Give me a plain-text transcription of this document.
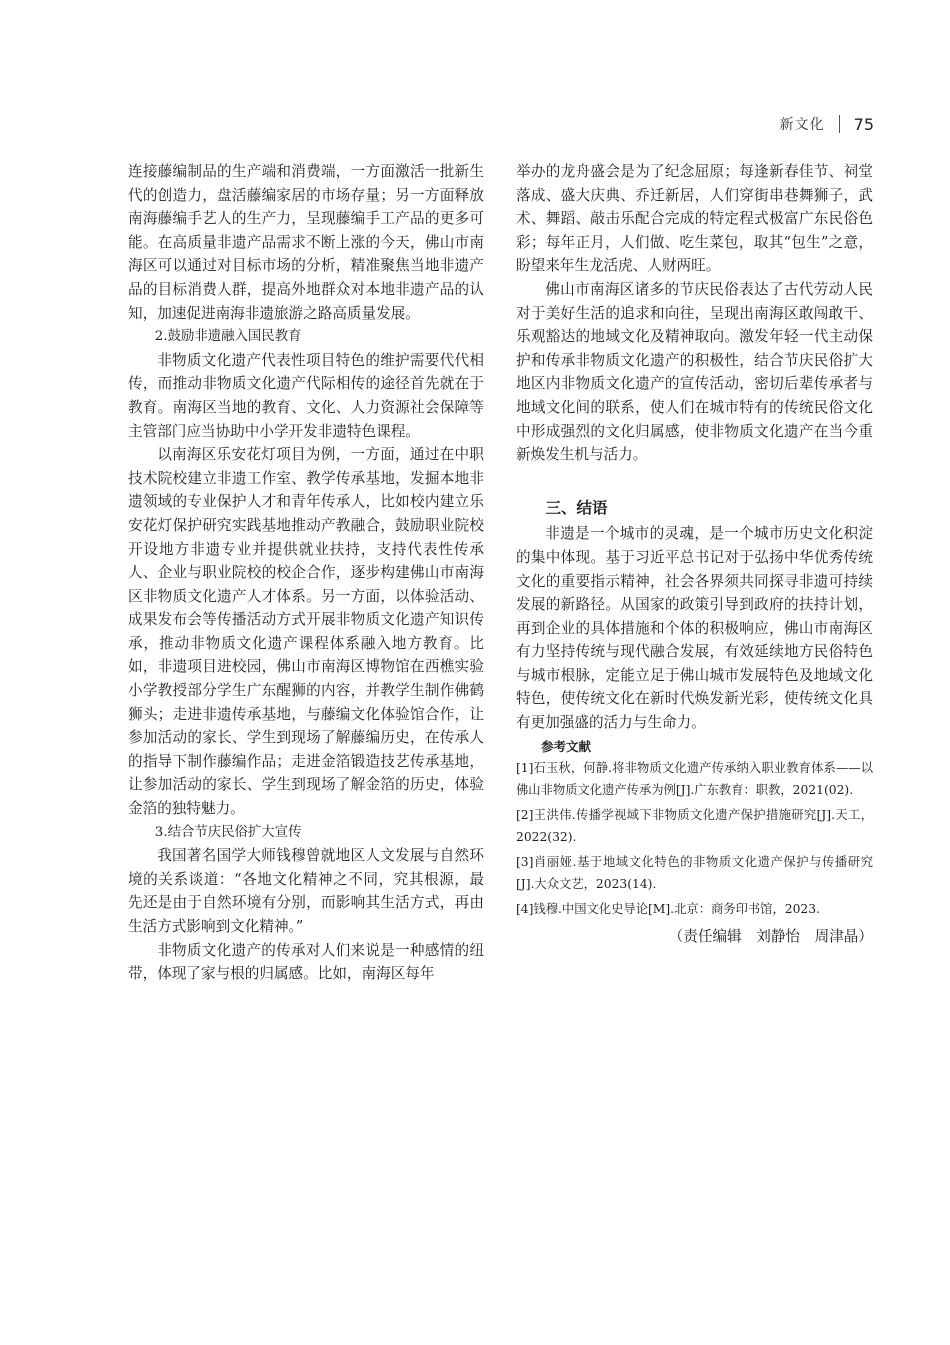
新文化 75

连接藤编制品的生产端和消费端，一方面激活一批新生代的创造力，盘活藤编家居的市场存量；另一方面释放南海藤编手艺人的生产力，呈现藤编手工产品的更多可能。在高质量非遗产品需求不断上涨的今天，佛山市南海区可以通过对目标市场的分析，精准聚焦当地非遗产品的目标消费人群，提高外地群众对本地非遗产品的认知，加速促进南海非遗旅游之路高质量发展。

2.鼓励非遗融入国民教育

非物质文化遗产代表性项目特色的维护需要代代相传，而推动非物质文化遗产代际相传的途径首先就在于教育。南海区当地的教育、文化、人力资源社会保障等主管部门应当协助中小学开发非遗特色课程。

以南海区乐安花灯项目为例，一方面，通过在中职技术院校建立非遗工作室、教学传承基地，发掘本地非遗领域的专业保护人才和青年传承人，比如校内建立乐安花灯保护研究实践基地推动产教融合，鼓励职业院校开设地方非遗专业并提供就业扶持，支持代表性传承人、企业与职业院校的校企合作，逐步构建佛山市南海区非物质文化遗产人才体系。另一方面，以体验活动、成果发布会等传播活动方式开展非物质文化遗产知识传承，推动非物质文化遗产课程体系融入地方教育。比如，非遗项目进校园，佛山市南海区博物馆在西樵实验小学教授部分学生广东醒狮的内容，并教学生制作佛鹤狮头；走进非遗传承基地，与藤编文化体验馆合作，让参加活动的家长、学生到现场了解藤编历史，在传承人的指导下制作藤编作品；走进金箔锻造技艺传承基地，让参加活动的家长、学生到现场了解金箔的历史，体验金箔的独特魅力。

3.结合节庆民俗扩大宣传

我国著名国学大师钱穆曾就地区人文发展与自然环境的关系谈道：“各地文化精神之不同，究其根源，最先还是由于自然环境有分别，而影响其生活方式，再由生活方式影响到文化精神。”

非物质文化遗产的传承对人们来说是一种感情的纽带，体现了家与根的归属感。比如，南海区每年

举办的龙舟盛会是为了纪念屈原；每逢新春佳节、祠堂落成、盛大庆典、乔迁新居，人们穿街串巷舞狮子，武术、舞蹈、敲击乐配合完成的特定程式极富广东民俗色彩；每年正月，人们做、吃生菜包，取其“包生”之意，盼望来年生龙活虎、人财两旺。

佛山市南海区诸多的节庆民俗表达了古代劳动人民对于美好生活的追求和向往，呈现出南海区敢闯敢干、乐观豁达的地域文化及精神取向。激发年轻一代主动保护和传承非物质文化遗产的积极性，结合节庆民俗扩大地区内非物质文化遗产的宣传活动，密切后辈传承者与地域文化间的联系，使人们在城市特有的传统民俗文化中形成强烈的文化归属感，使非物质文化遗产在当今重新焕发生机与活力。

三、结语

非遗是一个城市的灵魂，是一个城市历史文化积淀的集中体现。基于习近平总书记对于弘扬中华优秀传统文化的重要指示精神，社会各界须共同探寻非遗可持续发展的新路径。从国家的政策引导到政府的扶持计划，再到企业的具体措施和个体的积极响应，佛山市南海区有力坚持传统与现代融合发展，有效延续地方民俗特色与城市根脉，定能立足于佛山城市发展特色及地域文化特色，使传统文化在新时代焕发新光彩，使传统文化具有更加强盛的活力与生命力。

参考文献

[1]石玉秋，何静.将非物质文化遗产传承纳入职业教育体系——以佛山非物质文化遗产传承为例[J].广东教育：职教，2021(02).

[2]王洪伟.传播学视域下非物质文化遗产保护措施研究[J].天工，2022(32).

[3]肖丽娅.基于地域文化特色的非物质文化遗产保护与传播研究[J].大众文艺，2023(14).

[4]钱穆.中国文化史导论[M].北京：商务印书馆，2023.

（责任编辑　刘静怡　周津晶）
